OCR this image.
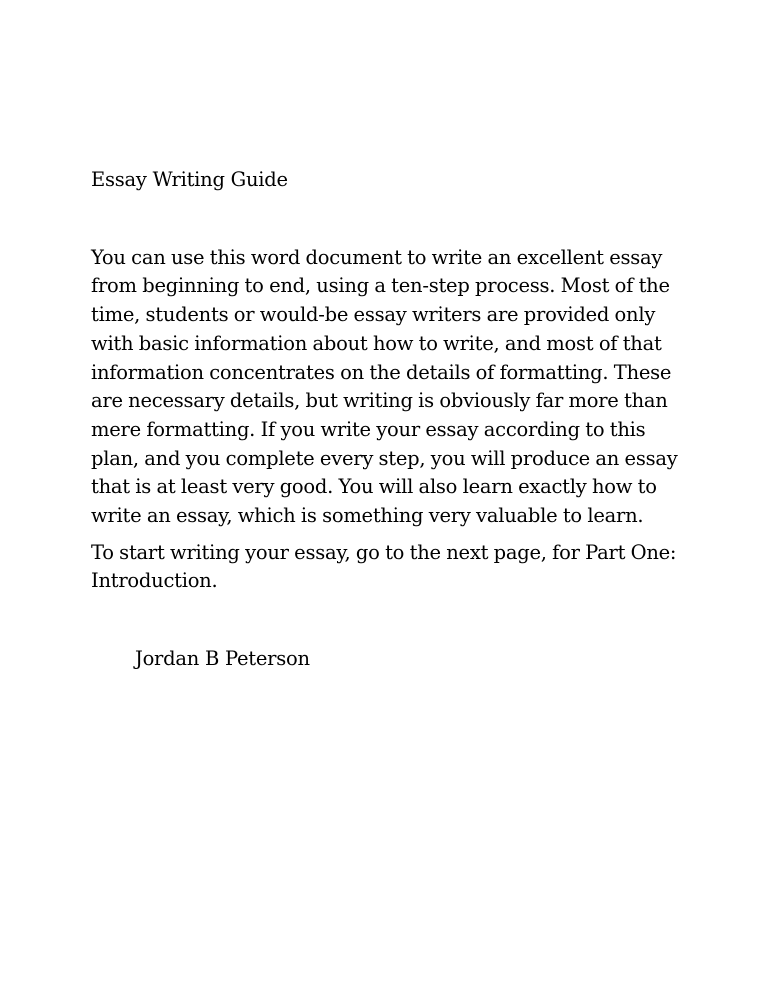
Essay Writing Guide

You can use this word document to write an excellent essay from beginning to end, using a ten-step process. Most of the time, students or would-be essay writers are provided only with basic information about how to write, and most of that information concentrates on the details of formatting. These are necessary details, but writing is obviously far more than mere formatting. If you write your essay according to this plan, and you complete every step, you will produce an essay that is at least very good. You will also learn exactly how to write an essay, which is something very valuable to learn.

To start writing your essay, go to the next page, for Part One: Introduction.

Jordan B Peterson
